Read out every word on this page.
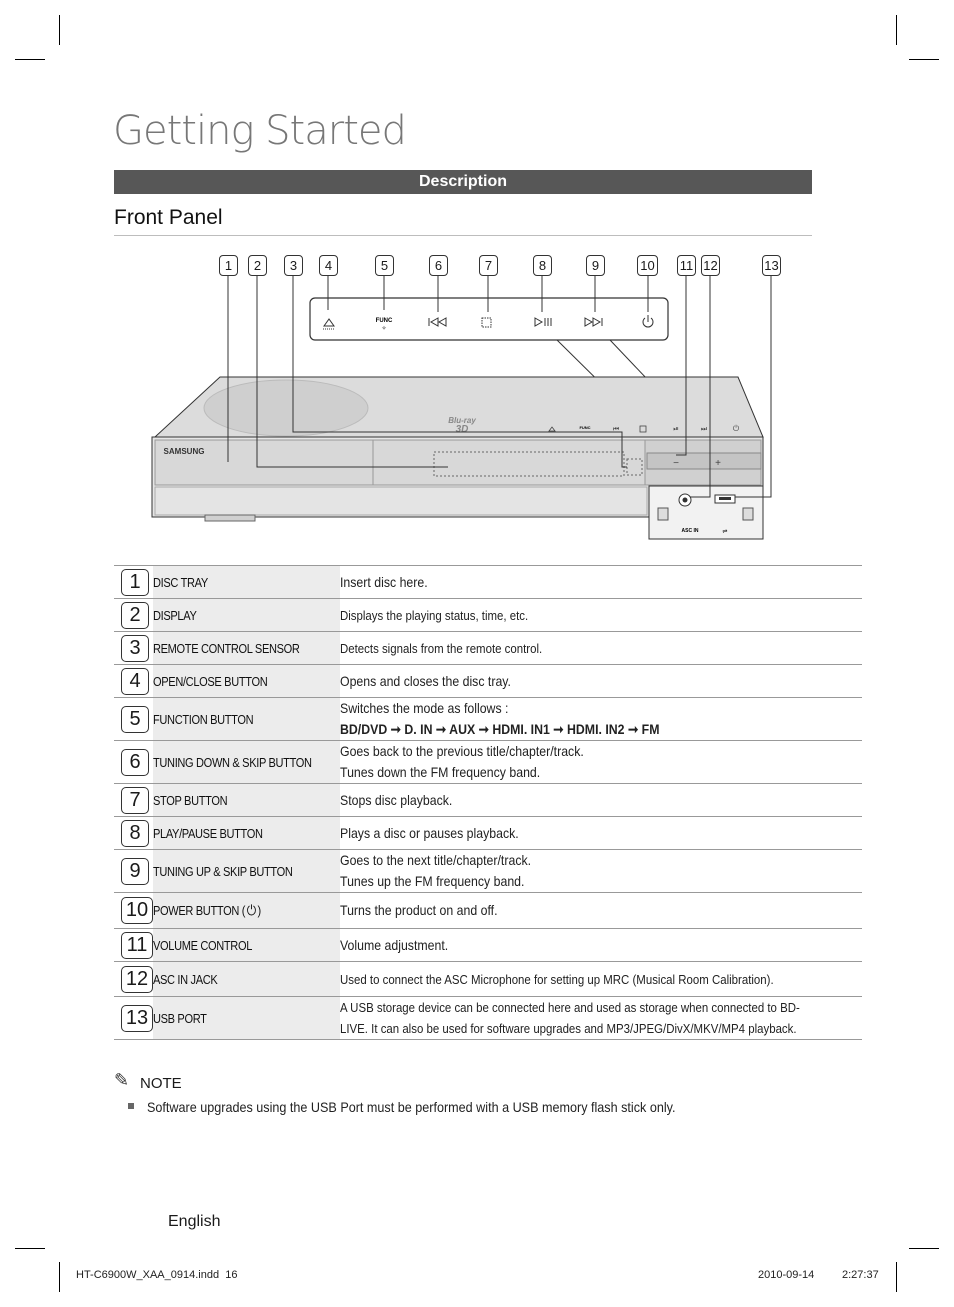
Getting Started
Description
Front Panel
FUNC
✧
Blu-ray
3D	FUNC	⏮	⏯	⏭	⏻
SAMSUNG
−	+
ASC IN	⇌
1	2	3	4	5	6	7	8	9	10 11 12	13
1	DISC TRAY	Insert disc here.
2	DISPLAY	Displays the playing status, time, etc.
3	REMOTE CONTROL SENSOR	Detects signals from the remote control.
4	OPEN/CLOSE BUTTON	Opens and closes the disc tray.
5	FUNCTION BUTTON	Switches the mode as follows :
BD/DVD ➞ D. IN ➞ AUX ➞ HDMI. IN1 ➞ HDMI. IN2 ➞ FM
6	TUNING DOWN & SKIP BUTTON	Goes back to the previous title/chapter/track.
Tunes down the FM frequency band.
7	STOP BUTTON	Stops disc playback.
8	PLAY/PAUSE BUTTON	Plays a disc or pauses playback.
9	TUNING UP & SKIP BUTTON	Goes to the next title/chapter/track.
Tunes up the FM frequency band.
10	POWER BUTTON ( ⏻ )	Turns the product on and off.
11	VOLUME CONTROL	Volume adjustment.
12	ASC IN JACK	Used to connect the ASC Microphone for setting up MRC (Musical Room Calibration).
13	USB PORT	A USB storage device can be connected here and used as storage when connected to BD-
LIVE. It can also be used for software upgrades and MP3/JPEG/DivX/MKV/MP4 playback.
✎ NOTE
Software upgrades using the USB Port must be performed with a USB memory flash stick only.
English
HT-C6900W_XAA_0914.indd 16	2010-09-14	2:27:37
